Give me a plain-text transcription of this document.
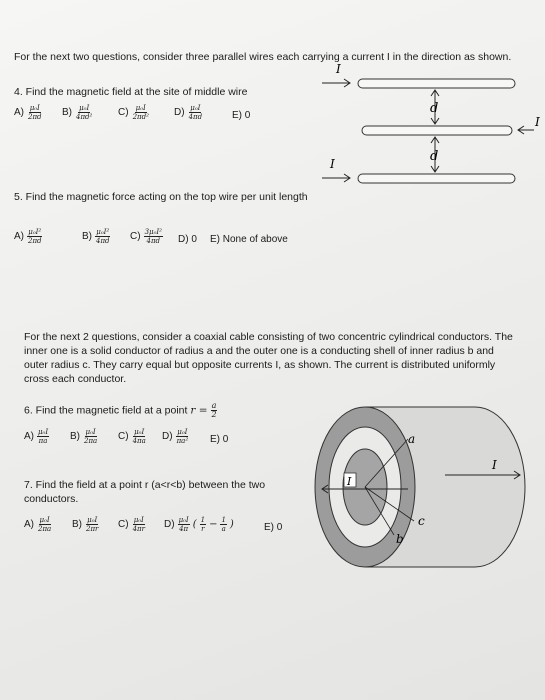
For the next two questions, consider three parallel wires each carrying a current I in the direction as shown.
4. Find the magnetic field at the site of middle wire
$A) \frac{\text{μ₀I}}{2\pi d} B) \frac{\text{μ₀I}}{\text{4πd²}} C) \frac{\text{μ₀I}}{\text{2πd²}} D) \frac{\text{μ₀I}}{4\pi d}$	E) 0
I
I
I
d
d
5. Find the magnetic force acting on the top wire per unit length
$A) \frac{\text{μ₀I²}}{2\pi d}$	$B) \frac{\text{μ₀I²}}{4\pi d} C) \frac{\text{3μ₀I²}}{4\pi d} D$) 0 E) None of above
For the next 2 questions, consider a coaxial cable consisting of two concentric cylindrical conductors. The inner one is a solid conductor of radius a and the outer one is a conducting shell of inner radius b and outer radius c. They carry equal but opposite currents I, as shown. The current is distributed uniformly cross each conductor.
6. Find the magnetic field at a point $r = \frac{a}{2}$
$A) \frac{\text{μ₀I}}{\pi a} B) \frac{\text{μ₀I}}{2\pi a} C) \frac{\text{μ₀I}}{4\pi a} D) \frac{\text{μ₀I}}{\text{πa²}} E$) 0
7. Find the field at a point r (a<r<b) between the two conductors.
$A) \frac{\text{μ₀I}}{2\pi a} B) \frac{\text{μ₀I}}{2\pi r} C) \frac{\text{μ₀I}}{4\pi r} D) \frac{\text{μ₀I}}{4\pi}$ ( $\frac{1}{r} - \frac{1}{a}$ )	E) 0
I
I
a
c
b
